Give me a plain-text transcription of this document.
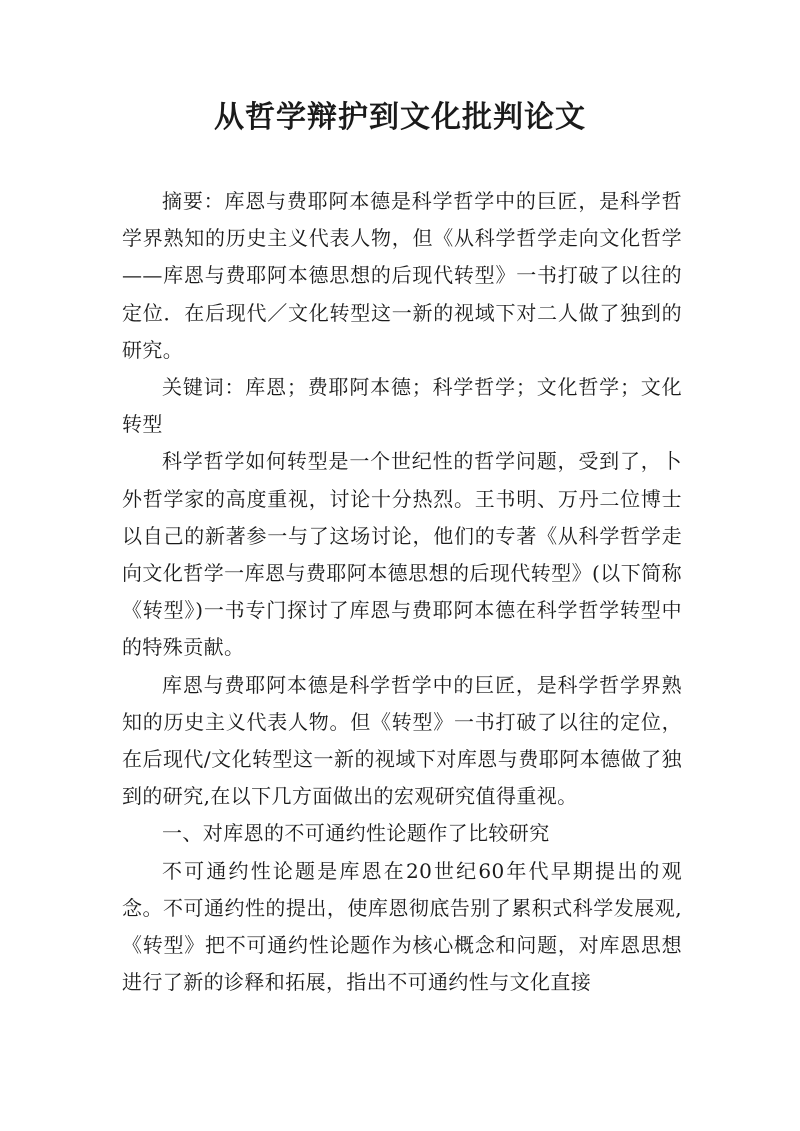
从哲学辩护到文化批判论文

摘要：库恩与费耶阿本德是科学哲学中的巨匠，是科学哲学界熟知的历史主义代表人物，但《从科学哲学走向文化哲学——库恩与费耶阿本德思想的后现代转型》一书打破了以往的定位．在后现代／文化转型这一新的视域下对二人做了独到的研究。

关键词：库恩；费耶阿本德；科学哲学；文化哲学；文化转型

科学哲学如何转型是一个世纪性的哲学问题，受到了，卜外哲学家的高度重视，讨论十分热烈。王书明、万丹二位博士以自己的新著参一与了这场讨论，他们的专著《从科学哲学走向文化哲学一库恩与费耶阿本德思想的后现代转型》(以下简称《转型》)一书专门探讨了库恩与费耶阿本德在科学哲学转型中的特殊贡献。

库恩与费耶阿本德是科学哲学中的巨匠，是科学哲学界熟知的历史主义代表人物。但《转型》一书打破了以往的定位，在后现代/文化转型这一新的视域下对库恩与费耶阿本德做了独到的研究,在以下几方面做出的宏观研究值得重视。

一、对库恩的不可通约性论题作了比较研究

不可通约性论题是库恩在20世纪60年代早期提出的观念。不可通约性的提出，使库恩彻底告别了累积式科学发展观,《转型》把不可通约性论题作为核心概念和问题，对库恩思想进行了新的诊释和拓展，指出不可通约性与文化直接
